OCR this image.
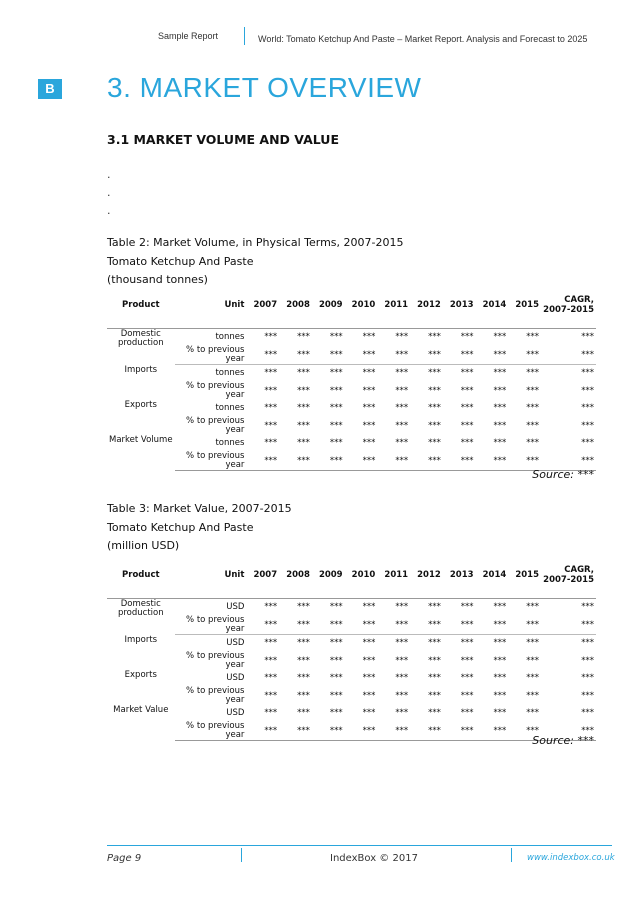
Sample Report	World: Tomato Ketchup And Paste – Market Report. Analysis and Forecast to 2025
B 3. MARKET OVERVIEW
3.1 MARKET VOLUME AND VALUE
.
.
.
Table 2: Market Volume, in Physical Terms, 2007-2015
Tomato Ketchup And Paste
(thousand tonnes)
Product	Unit	2007	2008	2009	2010	2011	2012	2013	2014	2015	CAGR, 2007-2015
Domestic production	tonnes	***	***	***	***	***	***	***	***	***	***
	% to previous year	***	***	***	***	***	***	***	***	***	***
Imports	tonnes	***	***	***	***	***	***	***	***	***	***
	% to previous year	***	***	***	***	***	***	***	***	***	***
Exports	tonnes	***	***	***	***	***	***	***	***	***	***
	% to previous year	***	***	***	***	***	***	***	***	***	***
Market Volume	tonnes	***	***	***	***	***	***	***	***	***	***
	% to previous year	***	***	***	***	***	***	***	***	***	***
Source: ***
Table 3: Market Value, 2007-2015
Tomato Ketchup And Paste
(million USD)
Product	Unit	2007	2008	2009	2010	2011	2012	2013	2014	2015	CAGR, 2007-2015
Domestic production	USD	***	***	***	***	***	***	***	***	***	***
	% to previous year	***	***	***	***	***	***	***	***	***	***
Imports	USD	***	***	***	***	***	***	***	***	***	***
	% to previous year	***	***	***	***	***	***	***	***	***	***
Exports	USD	***	***	***	***	***	***	***	***	***	***
	% to previous year	***	***	***	***	***	***	***	***	***	***
Market Value	USD	***	***	***	***	***	***	***	***	***	***
	% to previous year	***	***	***	***	***	***	***	***	***	***
Source: ***
Page 9	IndexBox © 2017	www.indexbox.co.uk
